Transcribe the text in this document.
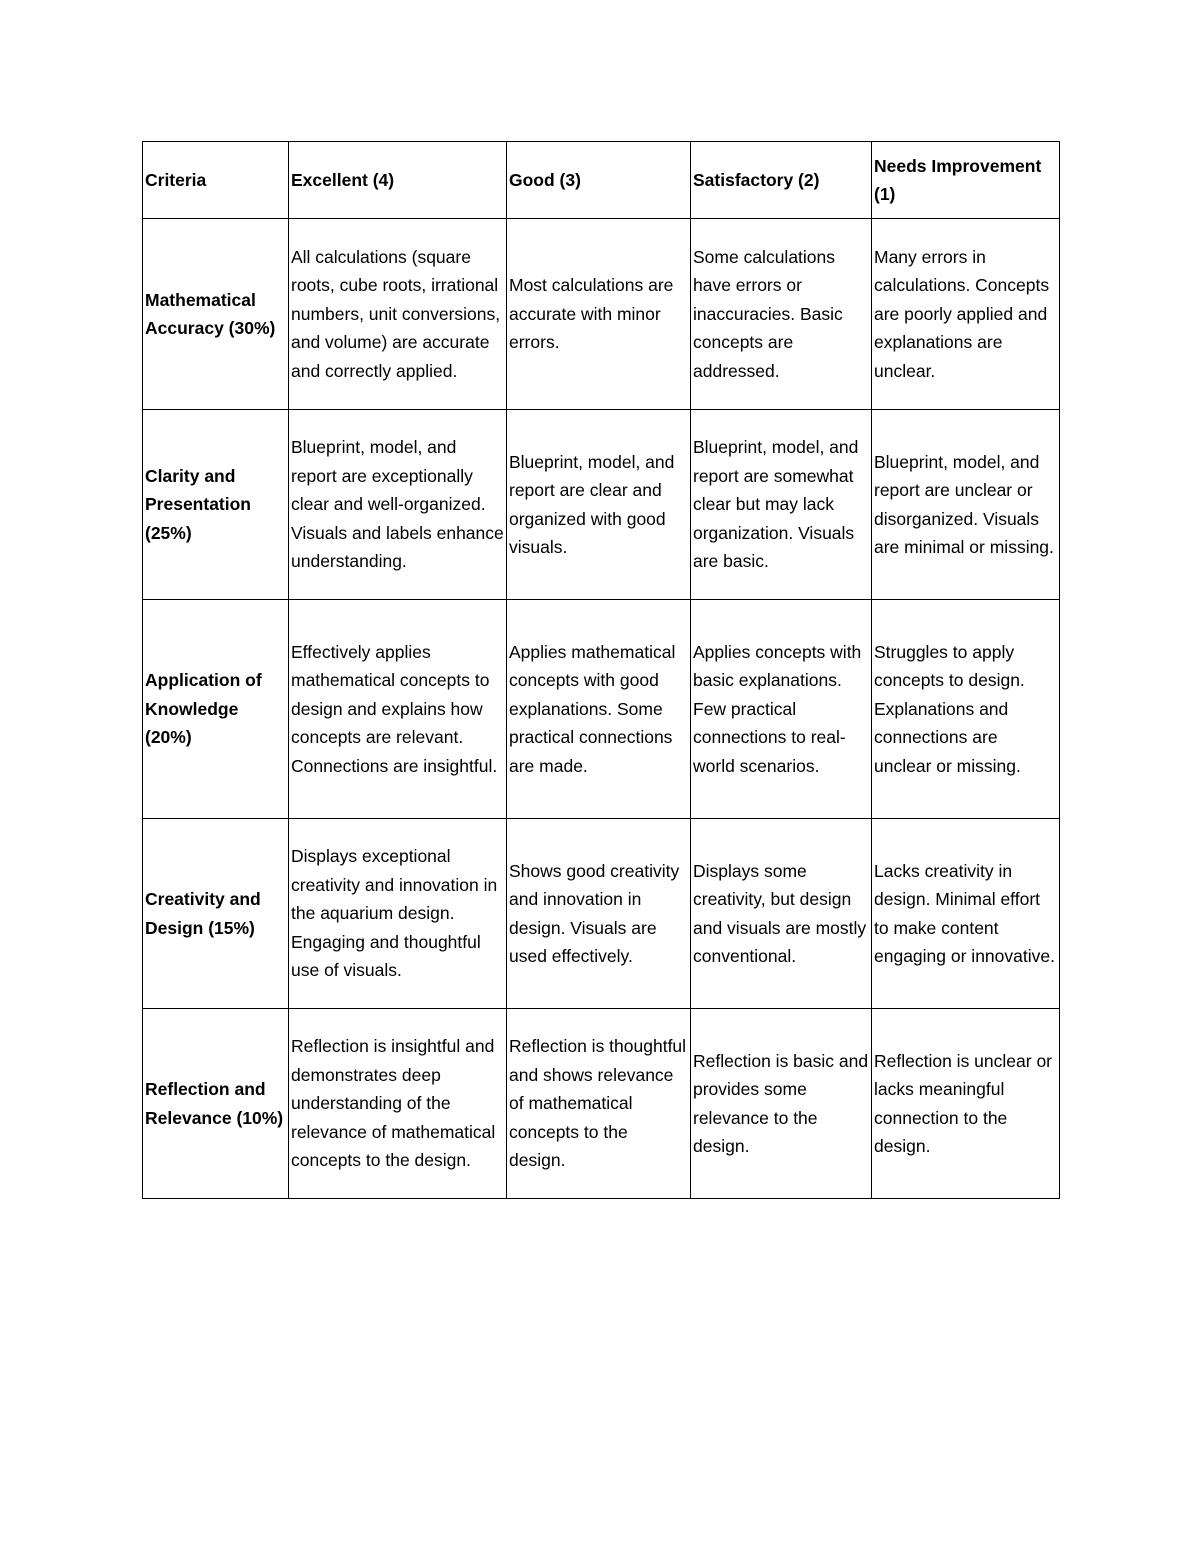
Criteria	Excellent (4)	Good (3)	Satisfactory (2)	Needs Improvement (1)
Mathematical Accuracy (30%)	All calculations (square roots, cube roots, irrational numbers, unit conversions, and volume) are accurate and correctly applied.	Most calculations are accurate with minor errors.	Some calculations have errors or inaccuracies. Basic concepts are addressed.	Many errors in calculations. Concepts are poorly applied and explanations are unclear.
Clarity and Presentation (25%)	Blueprint, model, and report are exceptionally clear and well-organized. Visuals and labels enhance understanding.	Blueprint, model, and report are clear and organized with good visuals.	Blueprint, model, and report are somewhat clear but may lack organization. Visuals are basic.	Blueprint, model, and report are unclear or disorganized. Visuals are minimal or missing.
Application of Knowledge (20%)	Effectively applies mathematical concepts to design and explains how concepts are relevant. Connections are insightful.	Applies mathematical concepts with good explanations. Some practical connections are made.	Applies concepts with basic explanations. Few practical connections to real-world scenarios.	Struggles to apply concepts to design. Explanations and connections are unclear or missing.
Creativity and Design (15%)	Displays exceptional creativity and innovation in the aquarium design. Engaging and thoughtful use of visuals.	Shows good creativity and innovation in design. Visuals are used effectively.	Displays some creativity, but design and visuals are mostly conventional.	Lacks creativity in design. Minimal effort to make content engaging or innovative.
Reflection and Relevance (10%)	Reflection is insightful and demonstrates deep understanding of the relevance of mathematical concepts to the design.	Reflection is thoughtful and shows relevance of mathematical concepts to the design.	Reflection is basic and provides some relevance to the design.	Reflection is unclear or lacks meaningful connection to the design.
